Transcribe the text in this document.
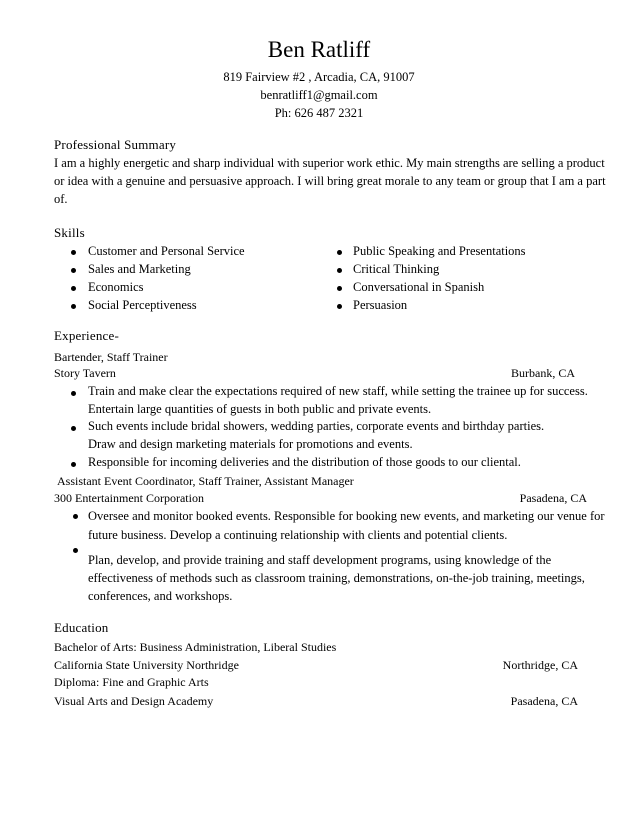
Ben Ratliff
819 Fairview #2 , Arcadia, CA, 91007
benratliff1@gmail.com
Ph: 626 487 2321
Professional Summary
I am a highly energetic and sharp individual with superior work ethic. My main strengths are selling a product or idea with a genuine and persuasive approach. I will bring great morale to any team or group that I am a part of.
Skills
Customer and Personal Service
Sales and Marketing
Economics
Social Perceptiveness
Public Speaking and Presentations
Critical Thinking
Conversational in Spanish
Persuasion
Experience-
Bartender, Staff Trainer
Story Tavern	Burbank, CA
Train and make clear the expectations required of new staff, while setting the trainee up for success.
Entertain large quantities of guests in both public and private events.
Such events include bridal showers, wedding parties, corporate events and birthday parties.
Draw and design marketing materials for promotions and events.
Responsible for incoming deliveries and the distribution of those goods to our cliental.
Assistant Event Coordinator, Staff Trainer, Assistant Manager
300 Entertainment Corporation	Pasadena, CA
Oversee and monitor booked events. Responsible for booking new events, and marketing our venue for future business. Develop a continuing relationship with clients and potential clients.
Plan, develop, and provide training and staff development programs, using knowledge of the effectiveness of methods such as classroom training, demonstrations, on-the-job training, meetings, conferences, and workshops.
Education
Bachelor of Arts: Business Administration, Liberal Studies
California State University Northridge	Northridge, CA
Diploma: Fine and Graphic Arts
Visual Arts and Design Academy	Pasadena, CA
